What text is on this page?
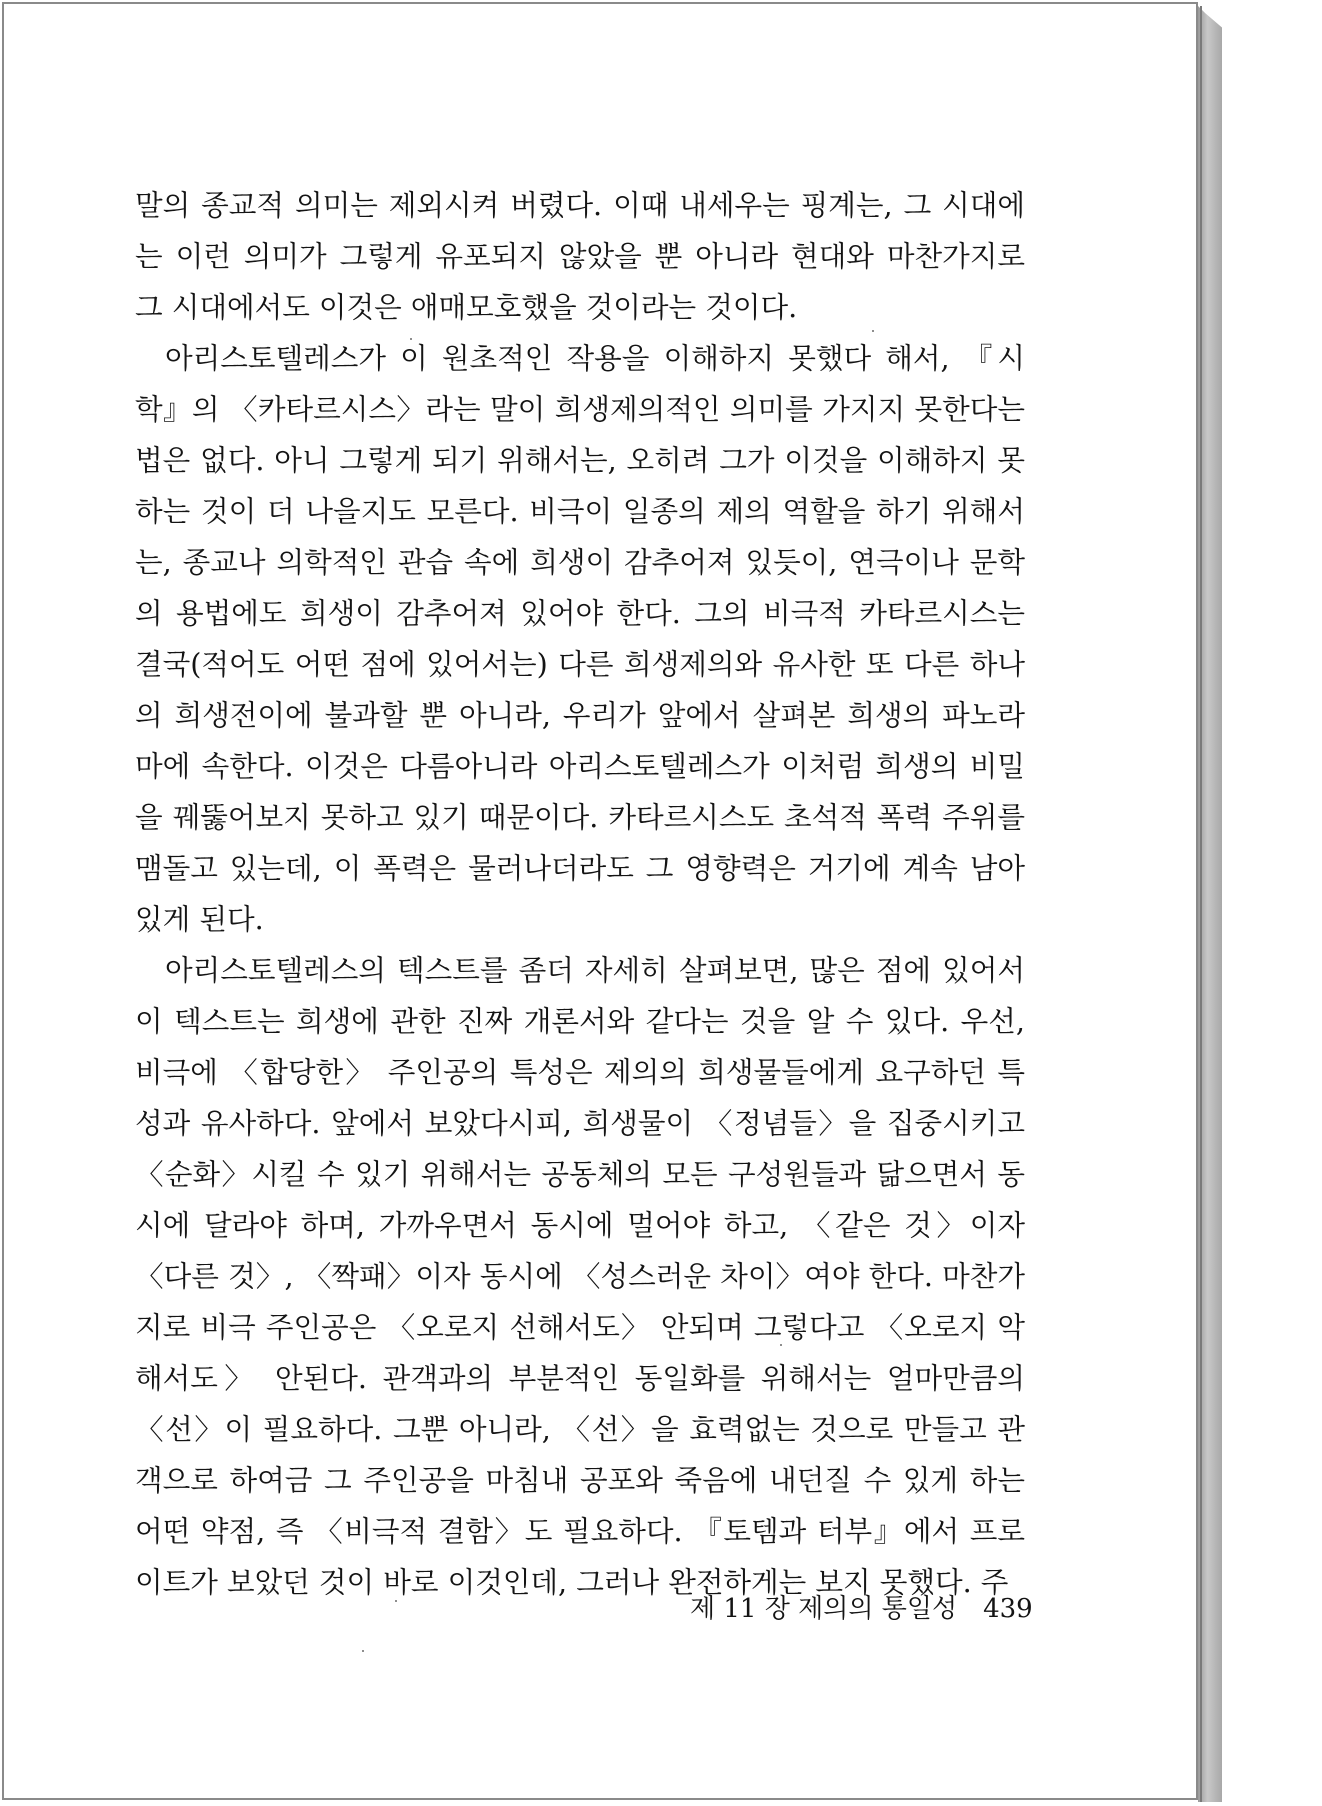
말의 종교적 의미는 제외시켜 버렸다. 이때 내세우는 핑계는, 그 시대에는 이런 의미가 그렇게 유포되지 않았을 뿐 아니라 현대와 마찬가지로 그 시대에서도 이것은 애매모호했을 것이라는 것이다.

아리스토텔레스가 이 원초적인 작용을 이해하지 못했다 해서, 『시학』의 〈카타르시스〉라는 말이 희생제의적인 의미를 가지지 못한다는 법은 없다. 아니 그렇게 되기 위해서는, 오히려 그가 이것을 이해하지 못하는 것이 더 나을지도 모른다. 비극이 일종의 제의 역할을 하기 위해서는, 종교나 의학적인 관습 속에 희생이 감추어져 있듯이, 연극이나 문학의 용법에도 희생이 감추어져 있어야 한다. 그의 비극적 카타르시스는 결국(적어도 어떤 점에 있어서는) 다른 희생제의와 유사한 또 다른 하나의 희생전이에 불과할 뿐 아니라, 우리가 앞에서 살펴본 희생의 파노라마에 속한다. 이것은 다름아니라 아리스토텔레스가 이처럼 희생의 비밀을 꿰뚫어보지 못하고 있기 때문이다. 카타르시스도 초석적 폭력 주위를 맴돌고 있는데, 이 폭력은 물러나더라도 그 영향력은 거기에 계속 남아 있게 된다.

아리스토텔레스의 텍스트를 좀더 자세히 살펴보면, 많은 점에 있어서 이 텍스트는 희생에 관한 진짜 개론서와 같다는 것을 알 수 있다. 우선, 비극에 〈합당한〉 주인공의 특성은 제의의 희생물들에게 요구하던 특성과 유사하다. 앞에서 보았다시피, 희생물이 〈정념들〉을 집중시키고 〈순화〉시킬 수 있기 위해서는 공동체의 모든 구성원들과 닮으면서 동시에 달라야 하며, 가까우면서 동시에 멀어야 하고, 〈같은 것〉이자 〈다른 것〉, 〈짝패〉이자 동시에 〈성스러운 차이〉여야 한다. 마찬가지로 비극 주인공은 〈오로지 선해서도〉 안되며 그렇다고 〈오로지 악해서도〉 안된다. 관객과의 부분적인 동일화를 위해서는 얼마만큼의 〈선〉이 필요하다. 그뿐 아니라, 〈선〉을 효력없는 것으로 만들고 관객으로 하여금 그 주인공을 마침내 공포와 죽음에 내던질 수 있게 하는 어떤 약점, 즉 〈비극적 결함〉도 필요하다. 『토템과 터부』에서 프로이트가 보았던 것이 바로 이것인데, 그러나 완전하게는 보지 못했다. 주

제 11 장 제의의 통일성 439
